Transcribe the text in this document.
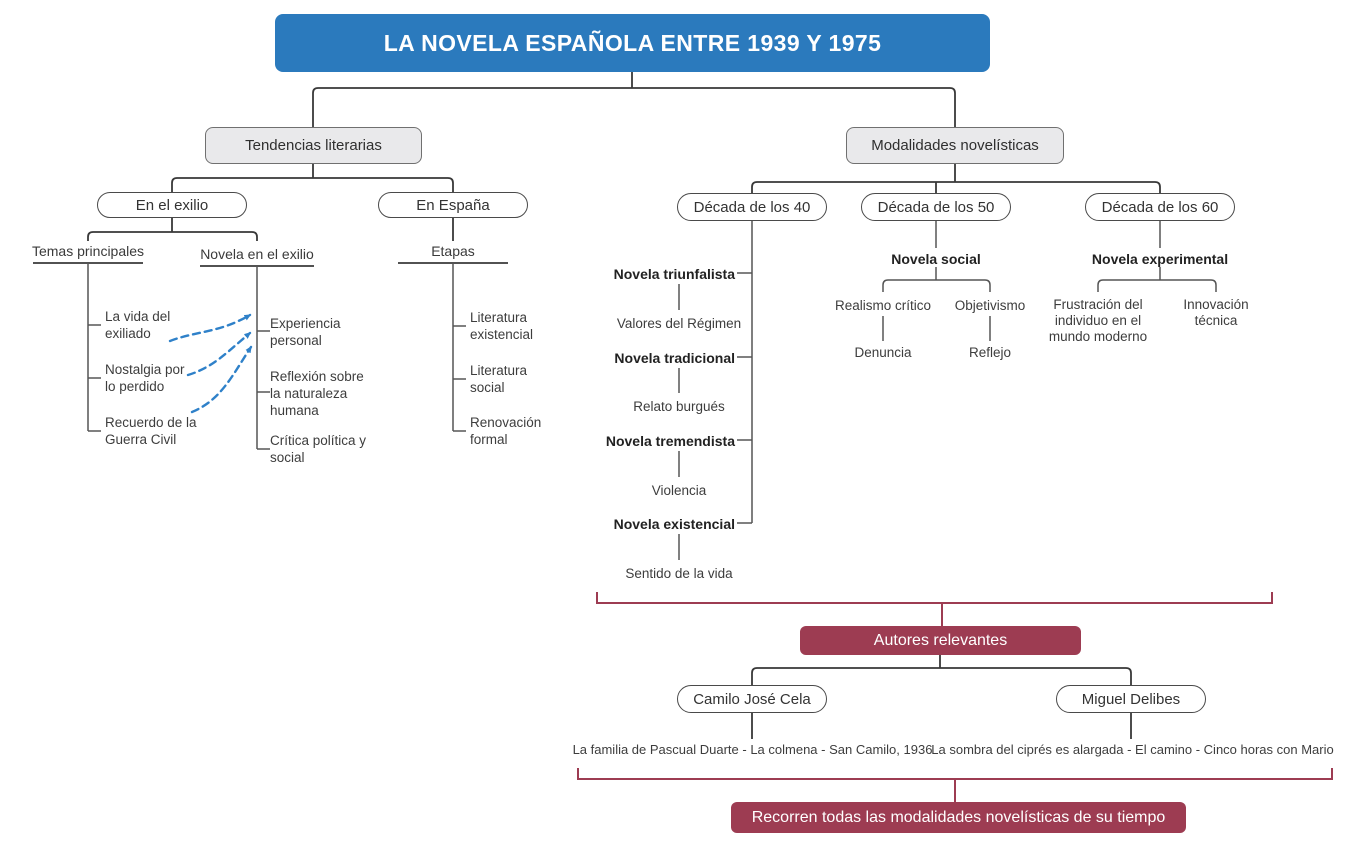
LA NOVELA ESPAÑOLA ENTRE 1939 Y 1975
Tendencias literarias	Modalidades novelísticas
En el exilio	En España
Temas principales	Novela en el exilio	Etapas
La vida del exiliado
Nostalgia por lo perdido
Recuerdo de la Guerra Civil
Experiencia personal
Reflexión sobre la naturaleza humana
Crítica política y social
Literatura existencial
Literatura social
Renovación formal
Década de los 40	Década de los 50	Década de los 60
Novela triunfalista
Valores del Régimen
Novela tradicional
Relato burgués
Novela tremendista
Violencia
Novela existencial
Sentido de la vida
Novela social
Realismo crítico	Objetivismo
Denuncia	Reflejo
Novela experimental
Frustración del individuo en el mundo moderno
Innovación técnica
Autores relevantes
Camilo José Cela	Miguel Delibes
La familia de Pascual Duarte - La colmena - San Camilo, 1936
La sombra del ciprés es alargada - El camino - Cinco horas con Mario
Recorren todas las modalidades novelísticas de su tiempo
